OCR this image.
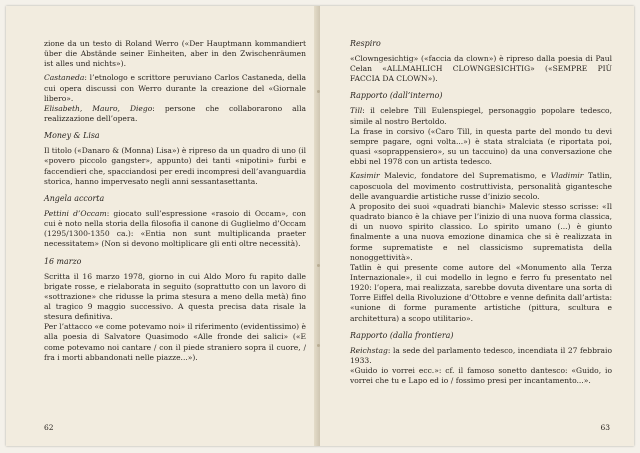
zione da un testo di Roland Werro («Der Hauptmann kommandiert über die Abstände seiner Einheiten, aber in den Zwischenräumen ist alles und nichts»).

Castaneda: l’etnologo e scrittore peruviano Carlos Castaneda, della cui opera discussi con Werro durante la creazione del «Giornale libero».

Elisabeth, Mauro, Diego: persone che collaborarono alla realizzazione dell’opera.

Money & Lisa

Il titolo («Danaro & (Monna) Lisa») è ripreso da un quadro di uno (il «povero piccolo gangster», appunto) dei tanti «nipotini» furbi e faccendieri che, spacciandosi per eredi incompresi dell’avanguardia storica, hanno impervesato negli anni sessantasettanta.

Angela accorta

Pettini d’Occam: giocato sull’espressione «rasoio di Occam», con cui è noto nella storia della filosofia il canone di Guglielmo d’Occam (1295/1300-1350 ca.): «Entia non sunt multiplicanda praeter necessitatem» (Non si devono moltiplicare gli enti oltre necessità).

16 marzo

Scritta il 16 marzo 1978, giorno in cui Aldo Moro fu rapito dalle brigate rosse, e rielaborata in seguito (soprattutto con un lavoro di «sottrazione» che ridusse la prima stesura a meno della metà) fino al tragico 9 maggio successivo. A questa precisa data risale la stesura definitiva.

Per l’attacco «e come potevamo noi» il riferimento (evidentissimo) è alla poesia di Salvatore Quasimodo «Alle fronde dei salici» («E come potevamo noi cantare / con il piede straniero sopra il cuore, / fra i morti abbandonati nelle piazze...»).

62
Respiro

«Clowngesichtig» («faccia da clown») è ripreso dalla poesia di Paul Celan «ALLMAHLICH CLOWNGESICHTIG» («SEMPRE PIÙ FACCIA DA CLOWN»).

Rapporto (dall’interno)

Till: il celebre Till Eulenspiegel, personaggio popolare tedesco, simile al nostro Bertoldo.

La frase in corsivo («Caro Till, in questa parte del mondo tu devi sempre pagare, ogni volta...») è stata stralciata (e riportata poi, quasi «soprappensiero», su un taccuino) da una conversazione che ebbi nel 1978 con un artista tedesco.

Kasimir Malevic, fondatore del Suprematismo, e Vladimir Tatlin, caposcuola del movimento costruttivista, personalità gigantesche delle avanguardie artistiche russe d’inizio secolo.

A proposito dei suoi «quadrati bianchi» Malevic stesso scrisse: «Il quadrato bianco è la chiave per l’inizio di una nuova forma classica, di un nuovo spirito classico. Lo spirito umano (...) è giunto finalmente a una nuova emozione dinamica che si è realizzata in forme suprematiste e nel classicismo suprematista della nonoggettività».

Tatlin è qui presente come autore del «Monumento alla Terza Internazionale», il cui modello in legno e ferro fu presentato nel 1920: l’opera, mai realizzata, sarebbe dovuta diventare una sorta di Torre Eiffel della Rivoluzione d’Ottobre e venne definita dall’artista: «unione di forme puramente artistiche (pittura, scultura e architettura) a scopo utilitario».

Rapporto (dalla frontiera)

Reichstag: la sede del parlamento tedesco, incendiata il 27 febbraio 1933.

«Guido io vorrei ecc.»: cf. il famoso sonetto dantesco: «Guido, io vorrei che tu e Lapo ed io / fossimo presi per incantamento...».

63
